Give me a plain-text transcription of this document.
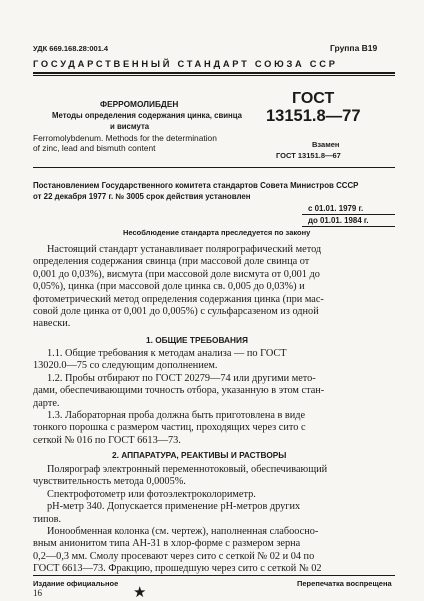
УДК 669.168.28:001.4	Группа В19
ГОСУДАРСТВЕННЫЙ СТАНДАРТ СОЮЗА ССР
ФЕРРОМОЛИБДЕН
Методы определения содержания цинка, свинца
и висмута
Ferromolybdenum. Methods for the determination
of zinc, lead and bismuth content
ГОСТ
13151.8—77
Взамен
ГОСТ 13151.8—67
Постановлением Государственного комитета стандартов Совета Министров СССР
от 22 декабря 1977 г. № 3005 срок действия установлен
с 01.01. 1979 г.
до 01.01. 1984 г.
Несоблюдение стандарта преследуется по закону

Настоящий стандарт устанавливает полярографический метод

определения содержания свинца (при массовой доле свинца от
0,001 до 0,03%), висмута (при массовой доле висмута от 0,001 до
0,05%), цинка (при массовой доле цинка св. 0,005 до 0,03%) и
фотометрический метод определения содержания цинка (при мас-
совой доле цинка от 0,001 до 0,005%) с сульфарсазеном из одной
навески.
1. ОБЩИЕ ТРЕБОВАНИЯ
1.1. Общие требования к методам анализа — по ГОСТ
13020.0—75 со следующим дополнением.
1.2. Пробы отбирают по ГОСТ 20279—74 или другими мето-
дами, обеспечивающими точность отбора, указанную в этом стан-
дарте.
1.3. Лабораторная проба должна быть приготовлена в виде
тонкого порошка с размером частиц, проходящих через сито с
сеткой № 016 по ГОСТ 6613—73.
2. АППАРАТУРА, РЕАКТИВЫ И РАСТВОРЫ
Полярограф электронный переменнотоковый, обеспечивающий
чувствительность метода 0,0005%.
Спектрофотометр или фотоэлектроколориметр.
pH-метр 340. Допускается применение pH-метров других
типов.
Ионообменная колонка (см. чертеж), наполненная слабоосно-
вным анионитом типа АН-31 в хлор-форме с размером зерна
0,2—0,3 мм. Смолу просевают через сито с сеткой № 02 и 04 по
ГОСТ 6613—73. Фракцию, прошедшую через сито с сеткой № 02
Издание официальное	Перепечатка воспрещена
★
16
